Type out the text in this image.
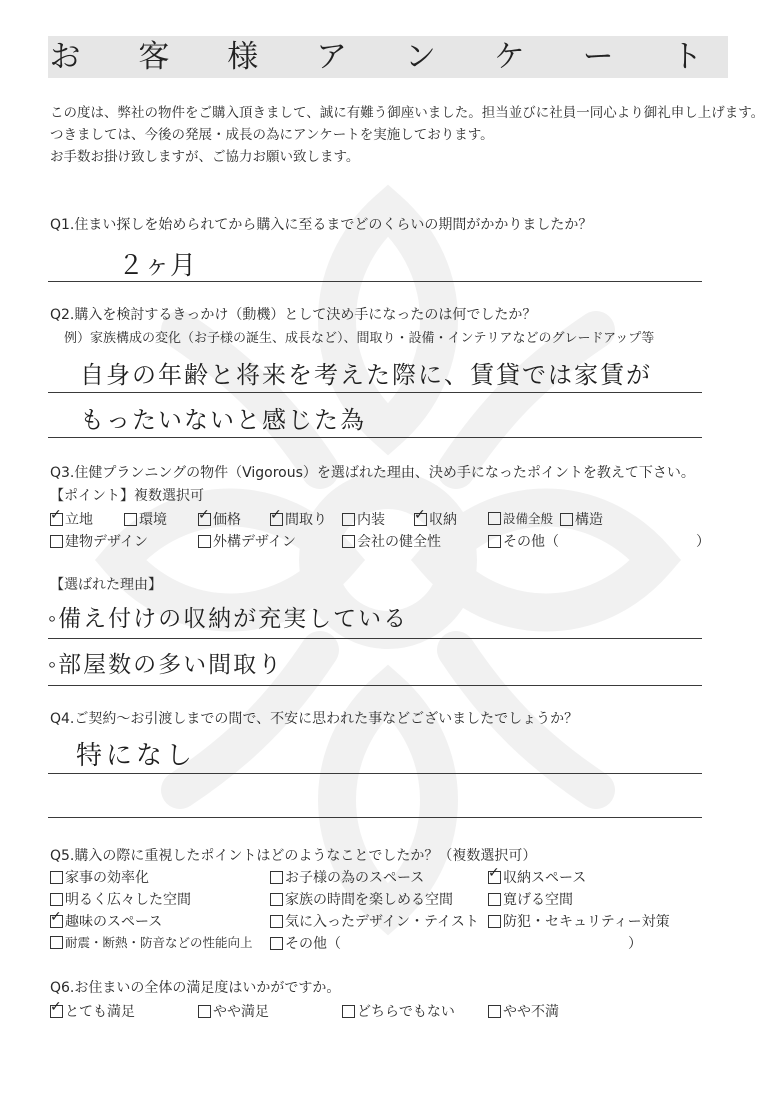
お 客 様 ア ン ケ ー ト
この度は、弊社の物件をご購入頂きまして、誠に有難う御座いました。担当並びに社員一同心より御礼申し上げます。
つきましては、今後の発展・成長の為にアンケートを実施しております。
お手数お掛け致しますが、ご協力お願い致します。
Q1.住まい探しを始められてから購入に至るまでどのくらいの期間がかかりましたか？
２ヶ月
Q2.購入を検討するきっかけ（動機）として決め手になったのは何でしたか？
例）家族構成の変化（お子様の誕生、成長など）、間取り・設備・インテリアなどのグレードアップ等
自身の年齢と将来を考えた際に、賃貸では家賃が
もったいないと感じた為
Q3.住健プランニングの物件（Vigorous）を選ばれた理由、決め手になったポイントを教えて下さい。
【ポイント】複数選択可
✓
立地	環境 ✓	価格 ✓	間取り 内装 ✓	収納	設備全般 構造
建物デザイン	外構デザイン	会社の健全性	その他（	）
【選ばれた理由】
◦備え付けの収納が充実している
◦部屋数の多い間取り
Q4.ご契約～お引渡しまでの間で、不安に思われた事などございましたでしょうか？
特になし
Q5.購入の際に重視したポイントはどのようなことでしたか？（複数選択可）
家事の効率化	お子様の為のスペース ✓	収納スペース
明るく広々した空間	家族の時間を楽しめる空間	寛げる空間
✓
趣味のスペース	気に入ったデザイン・テイスト 防犯・セキュリティー対策
耐震・断熱・防音などの性能向上 その他（	）
Q6.お住まいの全体の満足度はいかがですか。
✓
とても満足	やや満足	どちらでもない	やや不満
